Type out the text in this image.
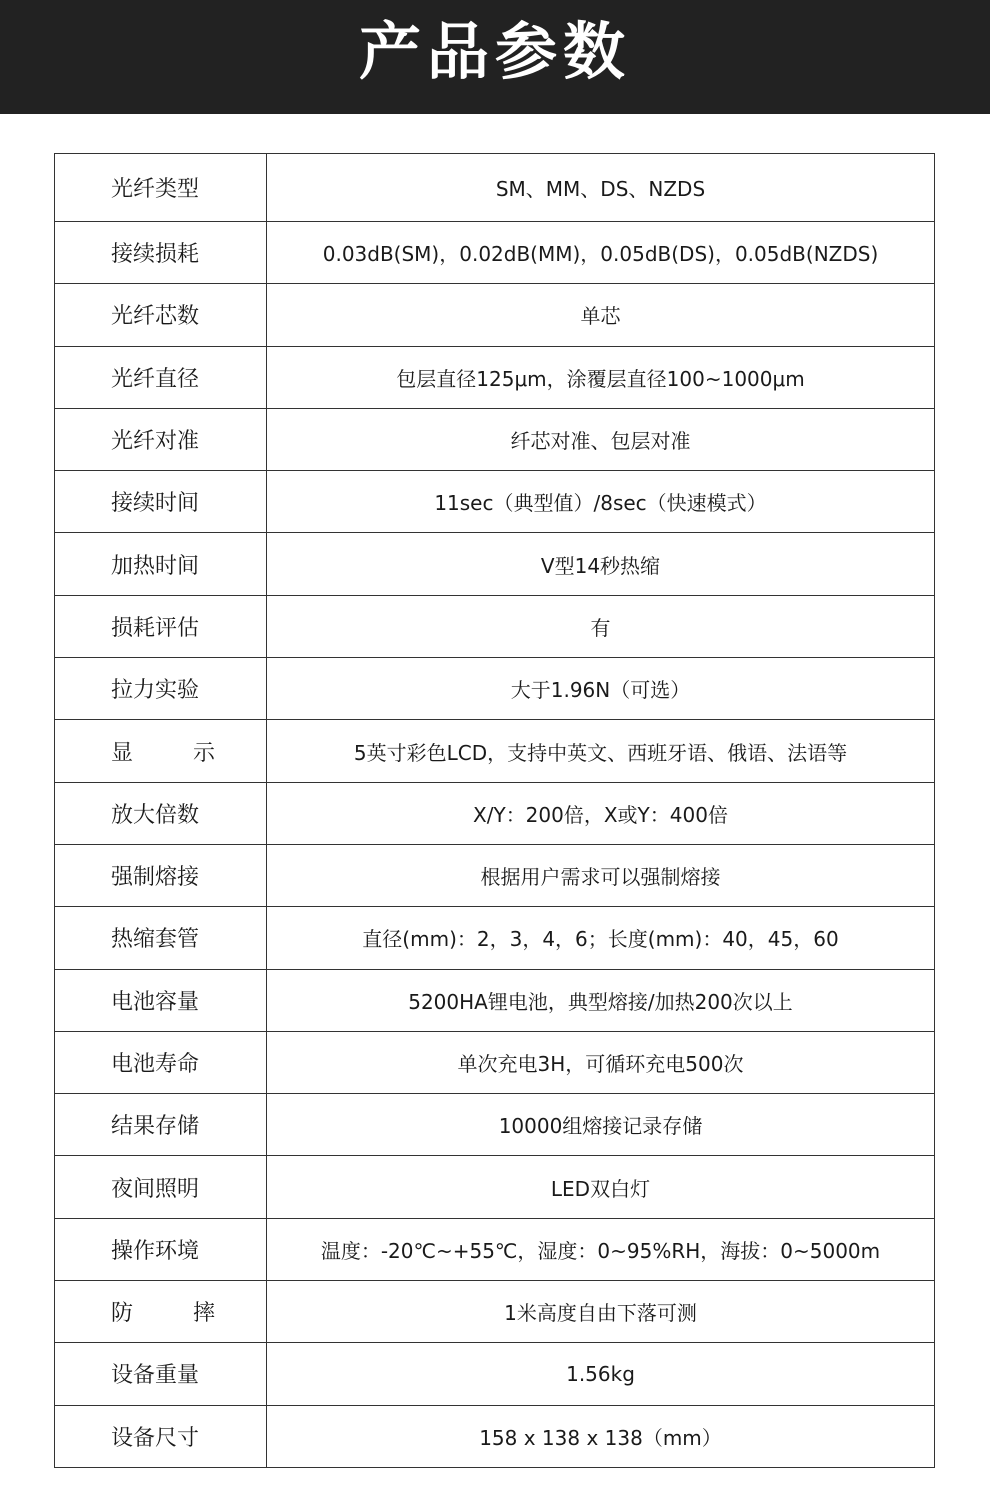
产品参数
光纤类型	SM、MM、DS、NZDS
接续损耗	0.03dB(SM)，0.02dB(MM)，0.05dB(DS)，0.05dB(NZDS)
光纤芯数	单芯
光纤直径	包层直径125μm，涂覆层直径100~1000μm
光纤对准	纤芯对准、包层对准
接续时间	11sec（典型值）/8sec（快速模式）
加热时间	V型14秒热缩
损耗评估	有
拉力实验	大于1.96N（可选）
显示	5英寸彩色LCD，支持中英文、西班牙语、俄语、法语等
放大倍数	X/Y：200倍，X或Y：400倍
强制熔接	根据用户需求可以强制熔接
热缩套管	直径(mm)：2，3，4，6；长度(mm)：40，45，60
电池容量	5200HA锂电池，典型熔接/加热200次以上
电池寿命	单次充电3H，可循环充电500次
结果存储	10000组熔接记录存储
夜间照明	LED双白灯
操作环境	温度：-20℃~+55℃，湿度：0~95%RH，海拔：0~5000m
防摔	1米高度自由下落可测
设备重量	1.56kg
设备尺寸	158 x 138 x 138（mm）
